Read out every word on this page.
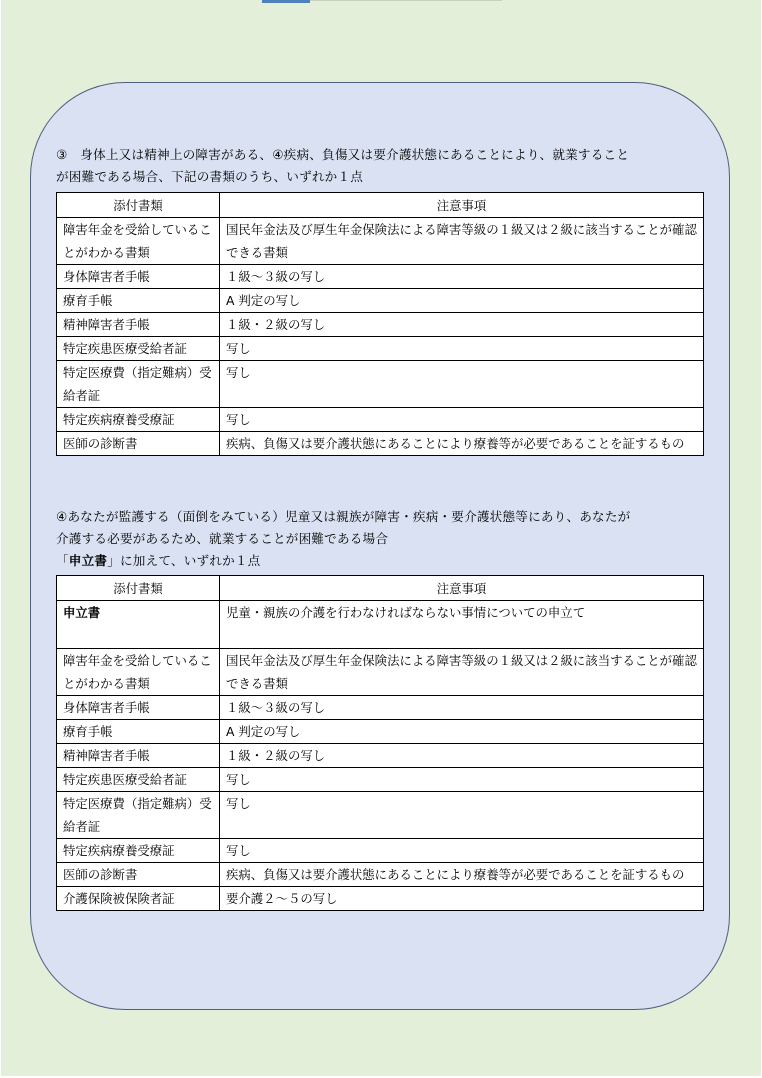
③　身体上又は精神上の障害がある、④疾病、負傷又は要介護状態にあることにより、就業すること
が困難である場合、下記の書類のうち、いずれか１点
添付書類	注意事項
障害年金を受給していることがわかる書類	国民年金法及び厚生年金保険法による障害等級の１級又は２級に該当することが確認できる書類
身体障害者手帳	１級～３級の写し
療育手帳	A 判定の写し
精神障害者手帳	１級・２級の写し
特定疾患医療受給者証	写し
特定医療費（指定難病）受給者証	写し
特定疾病療養受療証	写し
医師の診断書	疾病、負傷又は要介護状態にあることにより療養等が必要であることを証するもの
④あなたが監護する（面倒をみている）児童又は親族が障害・疾病・要介護状態等にあり、あなたが
介護する必要があるため、就業することが困難である場合
「申立書」に加えて、いずれか１点
添付書類	注意事項
申立書	児童・親族の介護を行わなければならない事情についての申立て
障害年金を受給していることがわかる書類	国民年金法及び厚生年金保険法による障害等級の１級又は２級に該当することが確認できる書類
身体障害者手帳	１級～３級の写し
療育手帳	A 判定の写し
精神障害者手帳	１級・２級の写し
特定疾患医療受給者証	写し
特定医療費（指定難病）受給者証	写し
特定疾病療養受療証	写し
医師の診断書	疾病、負傷又は要介護状態にあることにより療養等が必要であることを証するもの
介護保険被保険者証	要介護２～５の写し
